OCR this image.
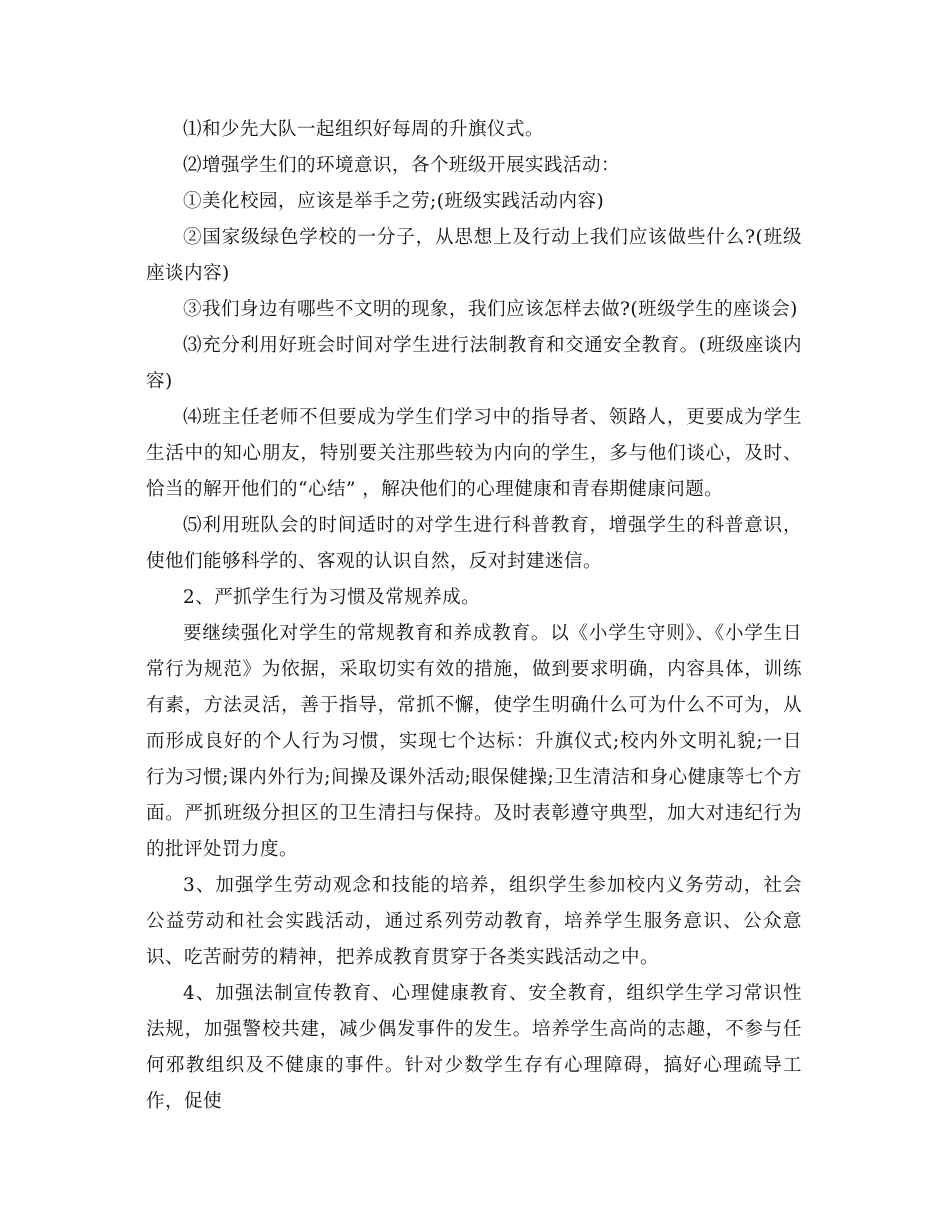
⑴和少先大队一起组织好每周的升旗仪式。

⑵增强学生们的环境意识，各个班级开展实践活动：

①美化校园，应该是举手之劳;(班级实践活动内容)

②国家级绿色学校的一分子，从思想上及行动上我们应该做些什么?(班级座谈内容)

③我们身边有哪些不文明的现象，我们应该怎样去做?(班级学生的座谈会)

⑶充分利用好班会时间对学生进行法制教育和交通安全教育。(班级座谈内容)

⑷班主任老师不但要成为学生们学习中的指导者、领路人，更要成为学生生活中的知心朋友，特别要关注那些较为内向的学生，多与他们谈心，及时、恰当的解开他们的“心结” ，解决他们的心理健康和青春期健康问题。

⑸利用班队会的时间适时的对学生进行科普教育，增强学生的科普意识，使他们能够科学的、客观的认识自然，反对封建迷信。

2、严抓学生行为习惯及常规养成。

要继续强化对学生的常规教育和养成教育。以《小学生守则》、《小学生日常行为规范》为依据，采取切实有效的措施，做到要求明确，内容具体，训练有素，方法灵活，善于指导，常抓不懈，使学生明确什么可为什么不可为，从而形成良好的个人行为习惯，实现七个达标：升旗仪式;校内外文明礼貌;一日行为习惯;课内外行为;间操及课外活动;眼保健操;卫生清洁和身心健康等七个方面。严抓班级分担区的卫生清扫与保持。及时表彰遵守典型，加大对违纪行为的批评处罚力度。

3、加强学生劳动观念和技能的培养，组织学生参加校内义务劳动，社会公益劳动和社会实践活动，通过系列劳动教育，培养学生服务意识、公众意识、吃苦耐劳的精神，把养成教育贯穿于各类实践活动之中。

4、加强法制宣传教育、心理健康教育、安全教育，组织学生学习常识性法规，加强警校共建，减少偶发事件的发生。培养学生高尚的志趣，不参与任何邪教组织及不健康的事件。针对少数学生存有心理障碍，搞好心理疏导工作，促使
